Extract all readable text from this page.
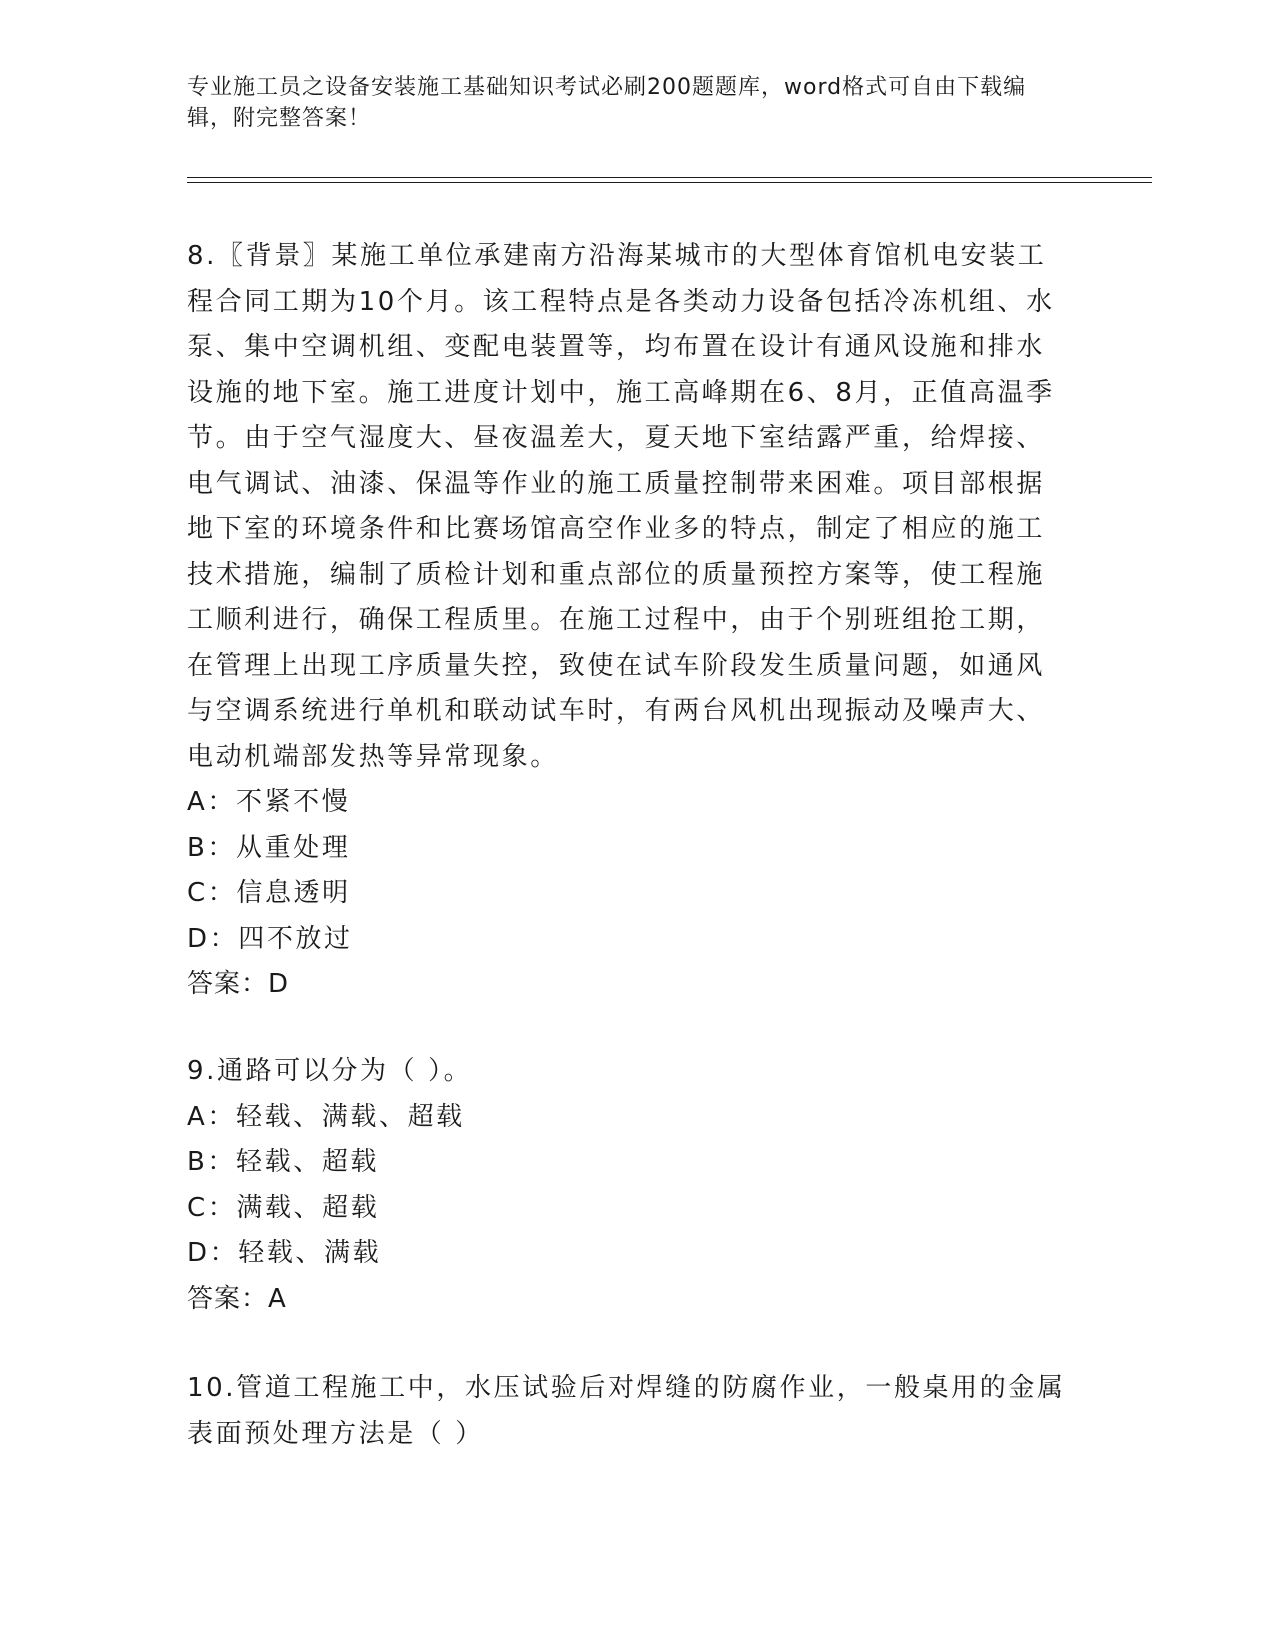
专业施工员之设备安装施工基础知识考试必刷200题题库，word格式可自由下载编辑，附完整答案！

8.〖背景〗某施工单位承建南方沿海某城市的大型体育馆机电安装工程合同工期为10个月。该工程特点是各类动力设备包括冷冻机组、水泵、集中空调机组、变配电装置等，均布置在设计有通风设施和排水设施的地下室。施工进度计划中，施工高峰期在6、8月，正值高温季节。由于空气湿度大、昼夜温差大，夏天地下室结露严重，给焊接、电气调试、油漆、保温等作业的施工质量控制带来困难。项目部根据地下室的环境条件和比赛场馆高空作业多的特点，制定了相应的施工技术措施，编制了质检计划和重点部位的质量预控方案等，使工程施工顺利进行，确保工程质里。在施工过程中，由于个别班组抢工期，在管理上出现工序质量失控，致使在试车阶段发生质量问题，如通风与空调系统进行单机和联动试车时，有两台风机出现振动及噪声大、电动机端部发热等异常现象。

A：不紧不慢

B：从重处理

C：信息透明

D：四不放过

答案：D

9.通路可以分为（ ）。

A：轻载、满载、超载

B：轻载、超载

C：满载、超载

D：轻载、满载

答案：A

10.管道工程施工中，水压试验后对焊缝的防腐作业，一般桌用的金属表面预处理方法是（ ）
